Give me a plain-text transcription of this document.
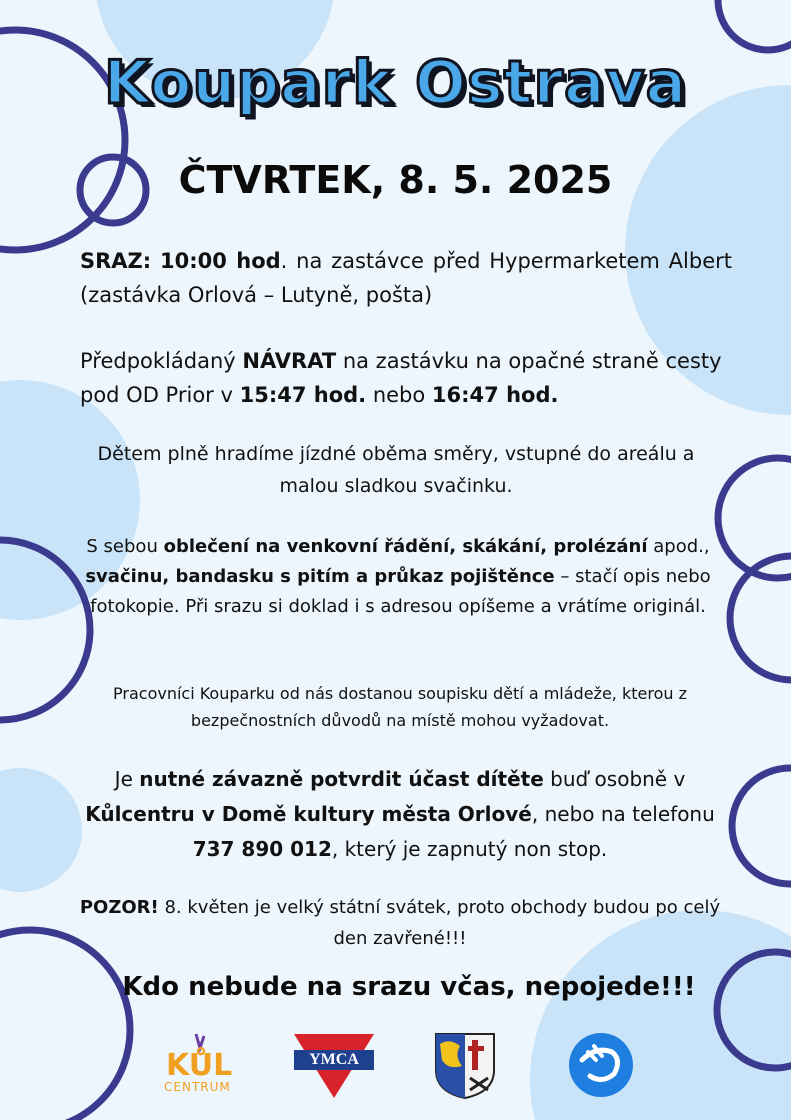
Koupark Ostrava
ČTVRTEK, 8. 5. 2025

SRAZ: 10:00 hod. na zastávce před Hypermarketem Albert (zastávka Orlová – Lutyně, pošta)

Předpokládaný NÁVRAT na zastávku na opačné straně cesty pod OD Prior v 15:47 hod. nebo 16:47 hod.

Dětem plně hradíme jízdné oběma směry, vstupné do areálu a malou sladkou svačinku.

S sebou oblečení na venkovní řádění, skákání, prolézání apod., svačinu, bandasku s pitím a průkaz pojištěnce – stačí opis nebo fotokopie. Při srazu si doklad i s adresou opíšeme a vrátíme originál.

Pracovníci Kouparku od nás dostanou soupisku dětí a mládeže, kterou z bezpečnostních důvodů na místě mohou vyžadovat.

Je nutné závazně potvrdit účast dítěte buď osobně v Kůlcentru v Domě kultury města Orlové, nebo na telefonu 737 890 012, který je zapnutý non stop.

POZOR! 8. květen je velký státní svátek, proto obchody budou po celý den zavřené!!!

Kdo nebude na srazu včas, nepojede!!!
KŮL
CENTRUM
YMCA
